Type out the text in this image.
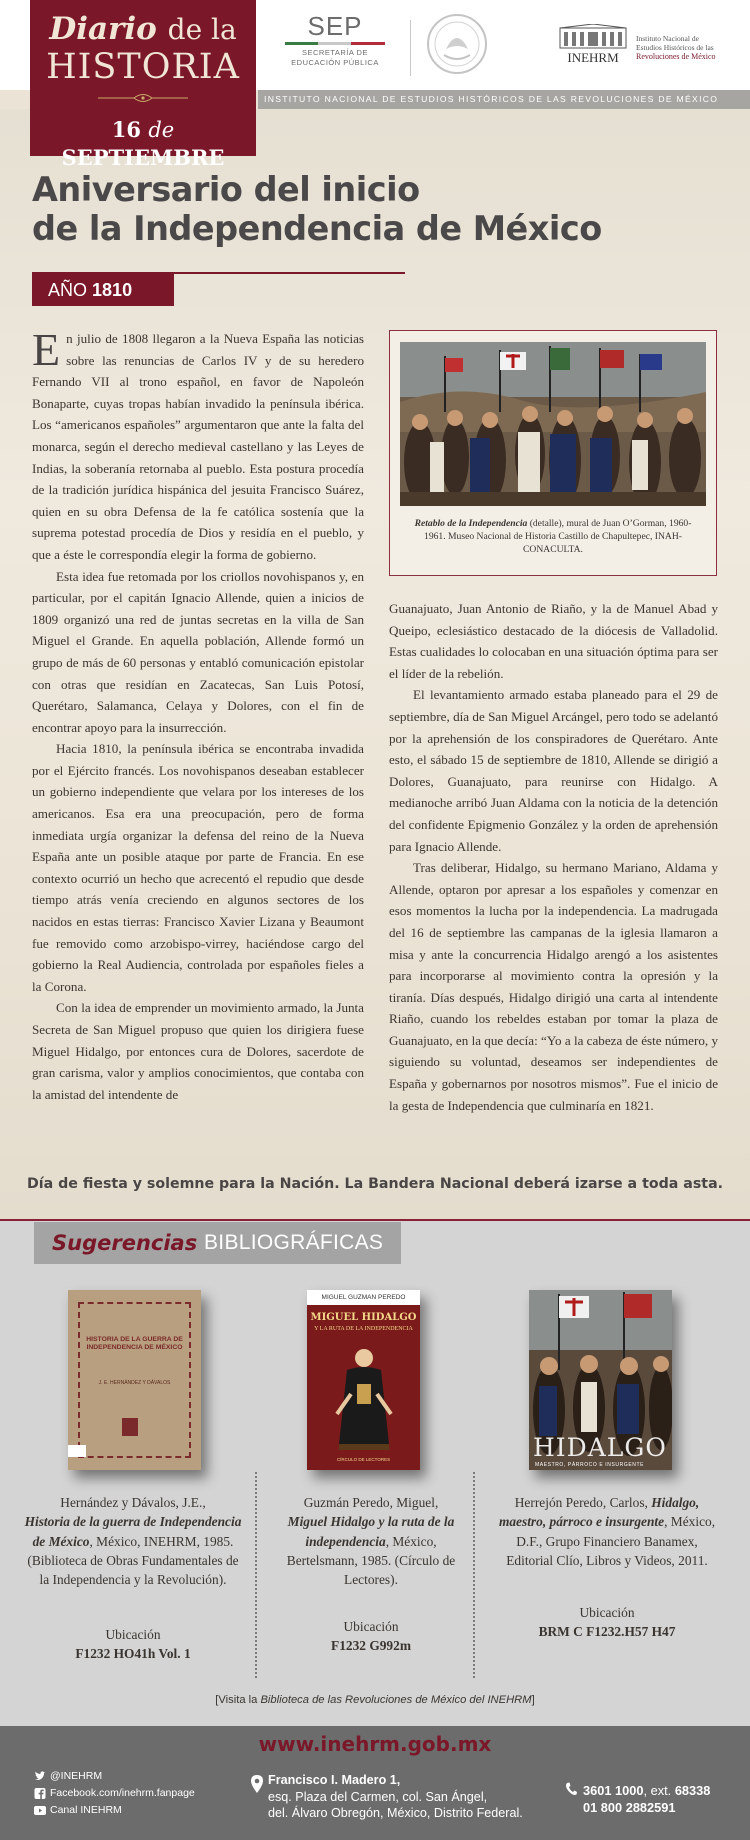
INSTITUTO NACIONAL DE ESTUDIOS HISTÓRICOS DE LAS REVOLUCIONES DE MÉXICO
Diario de la
HISTORIA
16 de SEPTIEMBRE
SEP
SECRETARÍA DE
EDUCACIÓN PÚBLICA	INEHRM
Instituto Nacional de
Estudios Históricos de las
Revoluciones de México
Aniversario del inicio
de la Independencia de México
AÑO 1810

En julio de 1808 llegaron a la Nueva España las noticias sobre las renuncias de Carlos IV y de su heredero Fernando VII al trono español, en favor de Napoleón Bonaparte, cuyas tropas habían invadido la península ibérica. Los “americanos españoles” argumentaron que ante la falta del monarca, según el derecho medieval castellano y las Leyes de Indias, la soberanía retornaba al pueblo. Esta postura procedía de la tradición jurídica hispánica del jesuita Francisco Suárez, quien en su obra Defensa de la fe católica sostenía que la suprema potestad procedía de Dios y residía en el pueblo, y que a éste le correspondía elegir la forma de gobierno.

Esta idea fue retomada por los criollos novohispanos y, en particular, por el capitán Ignacio Allende, quien a inicios de 1809 organizó una red de juntas secretas en la villa de San Miguel el Grande. En aquella población, Allende formó un grupo de más de 60 personas y entabló comunicación epistolar con otras que residían en Zacatecas, San Luis Potosí, Querétaro, Salamanca, Celaya y Dolores, con el fin de encontrar apoyo para la insurrección.

Hacia 1810, la península ibérica se encontraba invadida por el Ejército francés. Los novohispanos deseaban establecer un gobierno independiente que velara por los intereses de los americanos. Esa era una preocupación, pero de forma inmediata urgía organizar la defensa del reino de la Nueva España ante un posible ataque por parte de Francia. En ese contexto ocurrió un hecho que acrecentó el repudio que desde tiempo atrás venía creciendo en algunos sectores de los nacidos en estas tierras: Francisco Xavier Lizana y Beaumont fue removido como arzobispo-virrey, haciéndose cargo del gobierno la Real Audiencia, controlada por españoles fieles a la Corona.

Con la idea de emprender un movimiento armado, la Junta Secreta de San Miguel propuso que quien los dirigiera fuese Miguel Hidalgo, por entonces cura de Dolores, sacerdote de gran carisma, valor y amplios conocimientos, que contaba con la amistad del intendente de

Retablo de la Independencia (detalle), mural de Juan O’Gorman, 1960-1961. Museo Nacional de Historia Castillo de Chapultepec, INAH-CONACULTA.

Guanajuato, Juan Antonio de Riaño, y la de Manuel Abad y Queipo, eclesiástico destacado de la diócesis de Valladolid. Estas cualidades lo colocaban en una situación óptima para ser el líder de la rebelión.

El levantamiento armado estaba planeado para el 29 de septiembre, día de San Miguel Arcángel, pero todo se adelantó por la aprehensión de los conspiradores de Querétaro. Ante esto, el sábado 15 de septiembre de 1810, Allende se dirigió a Dolores, Guanajuato, para reunirse con Hidalgo. A medianoche arribó Juan Aldama con la noticia de la detención del confidente Epigmenio González y la orden de aprehensión para Ignacio Allende.

Tras deliberar, Hidalgo, su hermano Mariano, Aldama y Allende, optaron por apresar a los españoles y comenzar en esos momentos la lucha por la independencia. La madrugada del 16 de septiembre las campanas de la iglesia llamaron a misa y ante la concurrencia Hidalgo arengó a los asistentes para incorporarse al movimiento contra la opresión y la tiranía. Días después, Hidalgo dirigió una carta al intendente Riaño, cuando los rebeldes estaban por tomar la plaza de Guanajuato, en la que decía: “Yo a la cabeza de éste número, y siguiendo su voluntad, deseamos ser independientes de España y gobernarnos por nosotros mismos”. Fue el inicio de la gesta de Independencia que culminaría en 1821.

Día de fiesta y solemne para la Nación. La Bandera Nacional deberá izarse a toda asta.
Sugerencias BIBLIOGRÁFICAS
HISTORIA DE LA GUERRA DE INDEPENDENCIA DE MÉXICO
J. E. HERNÁNDEZ Y DÁVALOS
MIGUEL GUZMAN PEREDO
MIGUEL HIDALGO
Y LA RUTA DE LA INDEPENDENCIA
CÍRCULO DE LECTORES	HIDALGO
MAESTRO, PÁRROCO E INSURGENTE
Hernández y Dávalos, J.E.,
Historia de la guerra de Independencia de México, México, INEHRM, 1985. (Biblioteca de Obras Fundamentales de la Independencia y la Revolución).
Ubicación
F1232 HO41h Vol. 1
Guzmán Peredo, Miguel,
Miguel Hidalgo y la ruta de la independencia, México, Bertelsmann, 1985. (Círculo de Lectores).
Ubicación
F1232 G992m
Herrejón Peredo, Carlos, Hidalgo, maestro, párroco e insurgente, México, D.F., Grupo Financiero Banamex, Editorial Clío, Libros y Videos, 2011.
Ubicación
BRM C F1232.H57 H47
[Visita la Biblioteca de las Revoluciones de México del INEHRM]
www.inehrm.gob.mx
@INEHRM
Facebook.com/inehrm.fanpage
Canal INEHRM
Francisco I. Madero 1,
esq. Plaza del Carmen, col. San Ángel,
del. Álvaro Obregón, México, Distrito Federal.
3601 1000, ext. 68338
01 800 2882591
